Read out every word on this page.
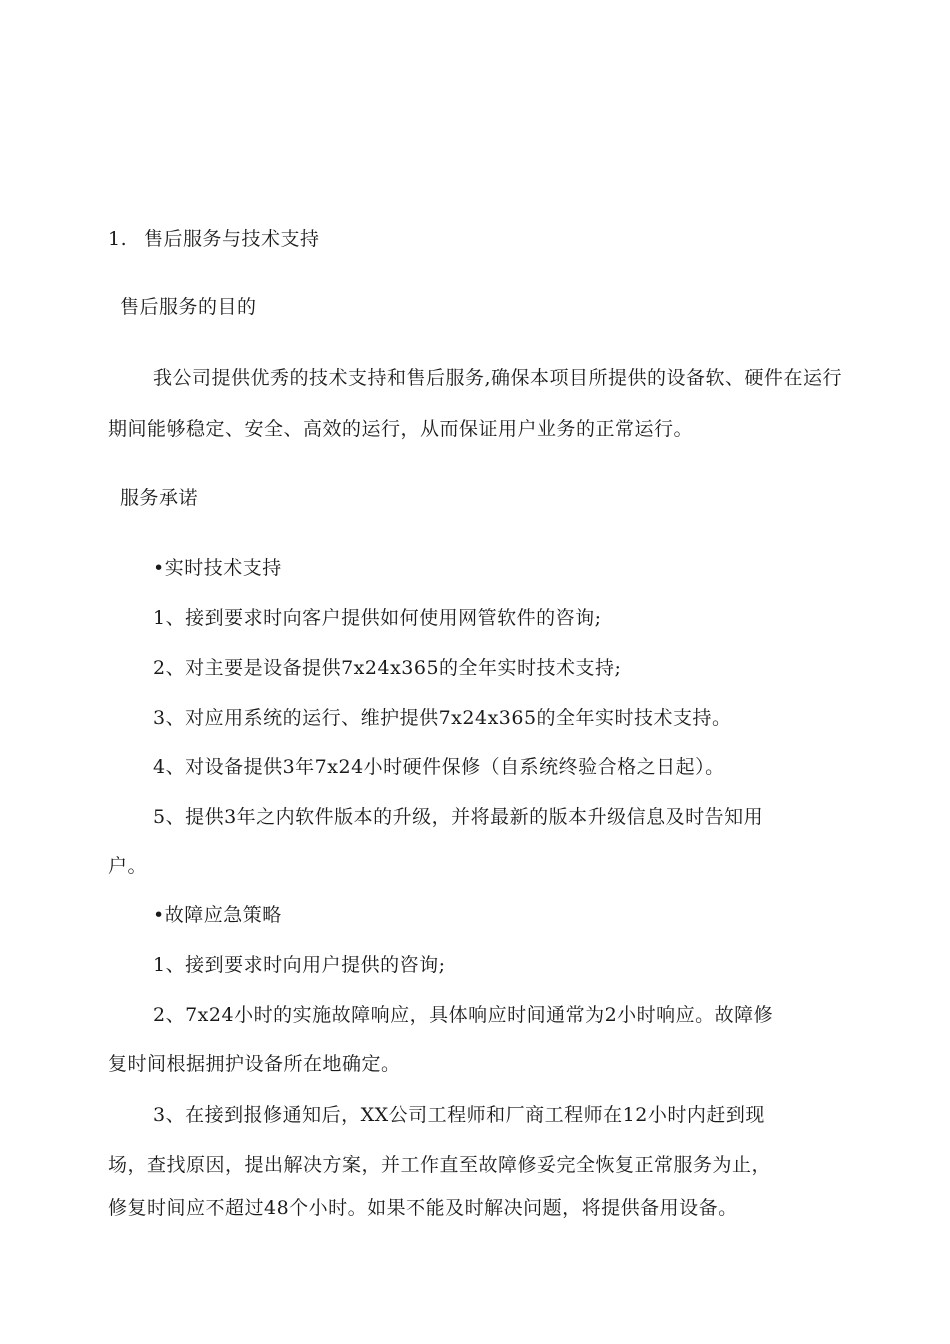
1. 售后服务与技术支持
售后服务的目的
我公司提供优秀的技术支持和售后服务,确保本项目所提供的设备软、硬件在运行
期间能够稳定、安全、高效的运行，从而保证用户业务的正常运行。
服务承诺
•实时技术支持
1、接到要求时向客户提供如何使用网管软件的咨询;
2、对主要是设备提供7x24x365的全年实时技术支持;
3、对应用系统的运行、维护提供7x24x365的全年实时技术支持。
4、对设备提供3年7x24小时硬件保修（自系统终验合格之日起）。
5、提供3年之内软件版本的升级，并将最新的版本升级信息及时告知用
户。
•故障应急策略
1、接到要求时向用户提供的咨询;
2、7x24小时的实施故障响应，具体响应时间通常为2小时响应。故障修
复时间根据拥护设备所在地确定。
3、在接到报修通知后，XX公司工程师和厂商工程师在12小时内赶到现
场，查找原因，提出解决方案，并工作直至故障修妥完全恢复正常服务为止，
修复时间应不超过48个小时。如果不能及时解决问题，将提供备用设备。
